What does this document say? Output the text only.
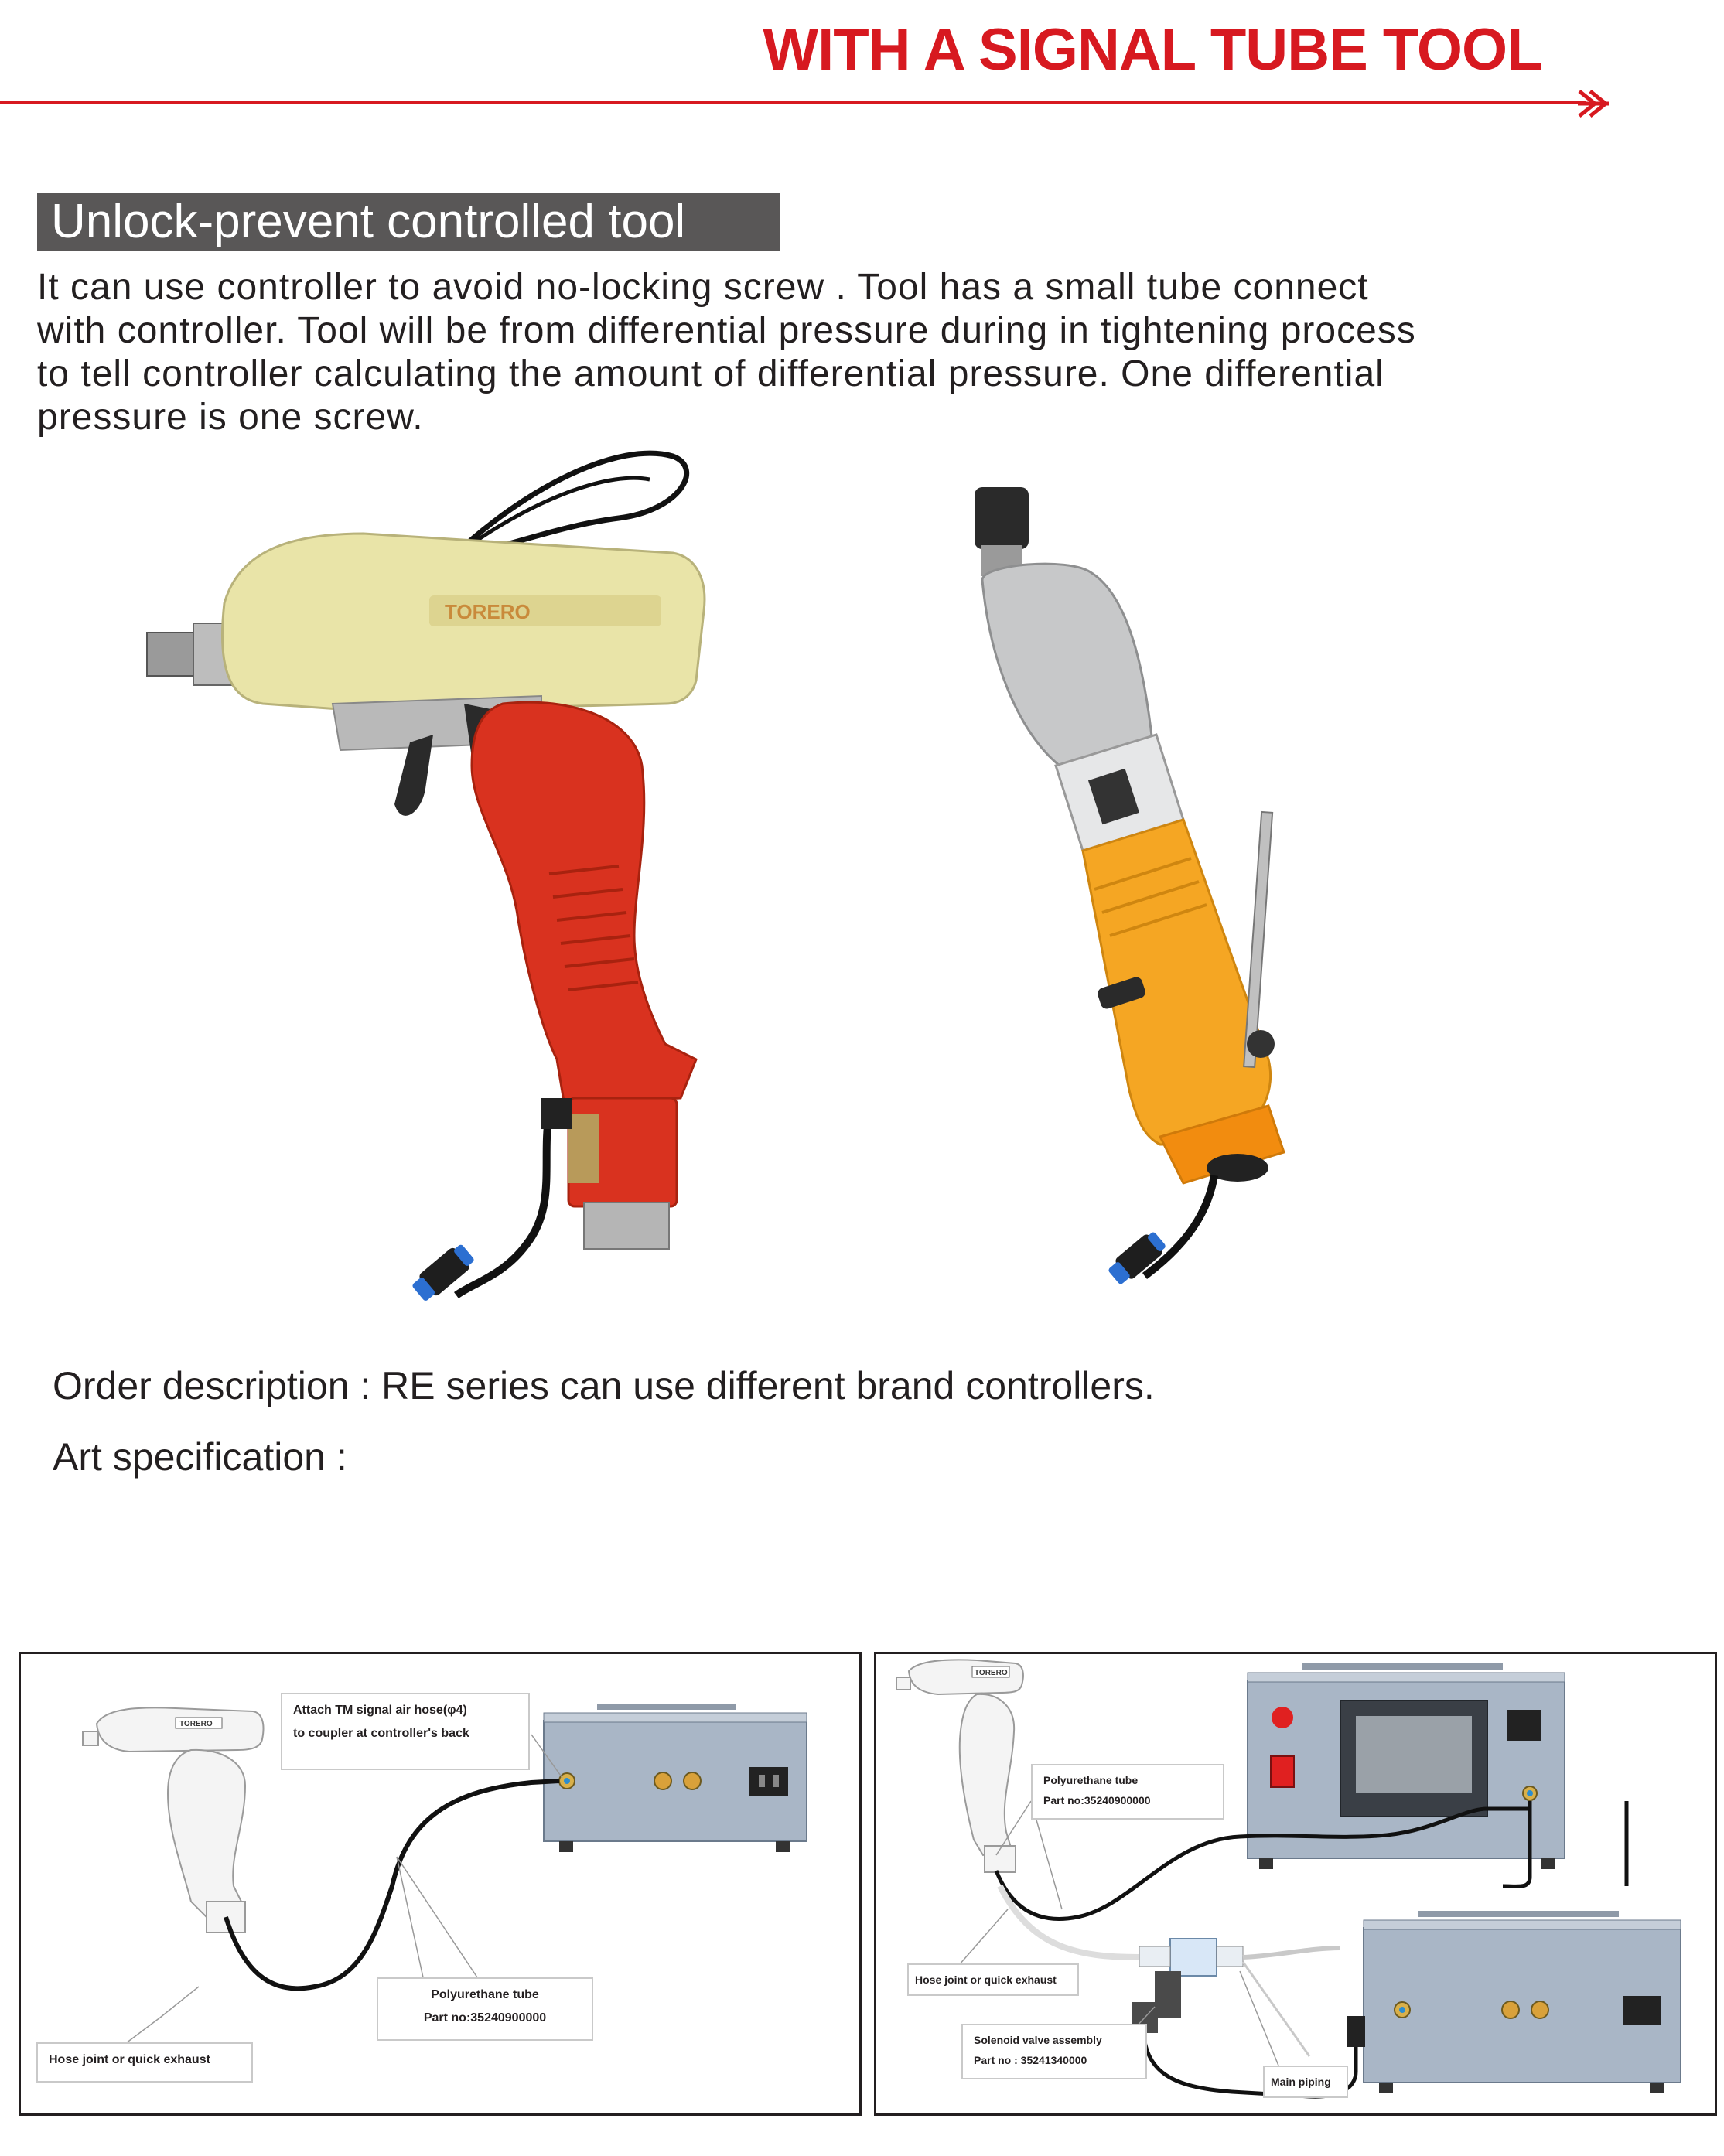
WITH A SIGNAL TUBE TOOL
Unlock-prevent controlled tool
It can use controller to avoid no-locking screw . Tool has a small tube connect
with controller. Tool will be from differential pressure during in tightening process
to tell controller calculating the amount of differential pressure. One differential
pressure is one screw.
TORERO
Order description : RE series can use different brand controllers.
Art specification :
TORERO
Attach TM signal air hose(φ4)
to coupler at controller's back
Polyurethane tube
Part no:35240900000
Hose joint or quick exhaust
TORERO
Polyurethane tube
Part no:35240900000
Hose joint or quick exhaust
Solenoid valve assembly
Part no : 35241340000
Main piping
